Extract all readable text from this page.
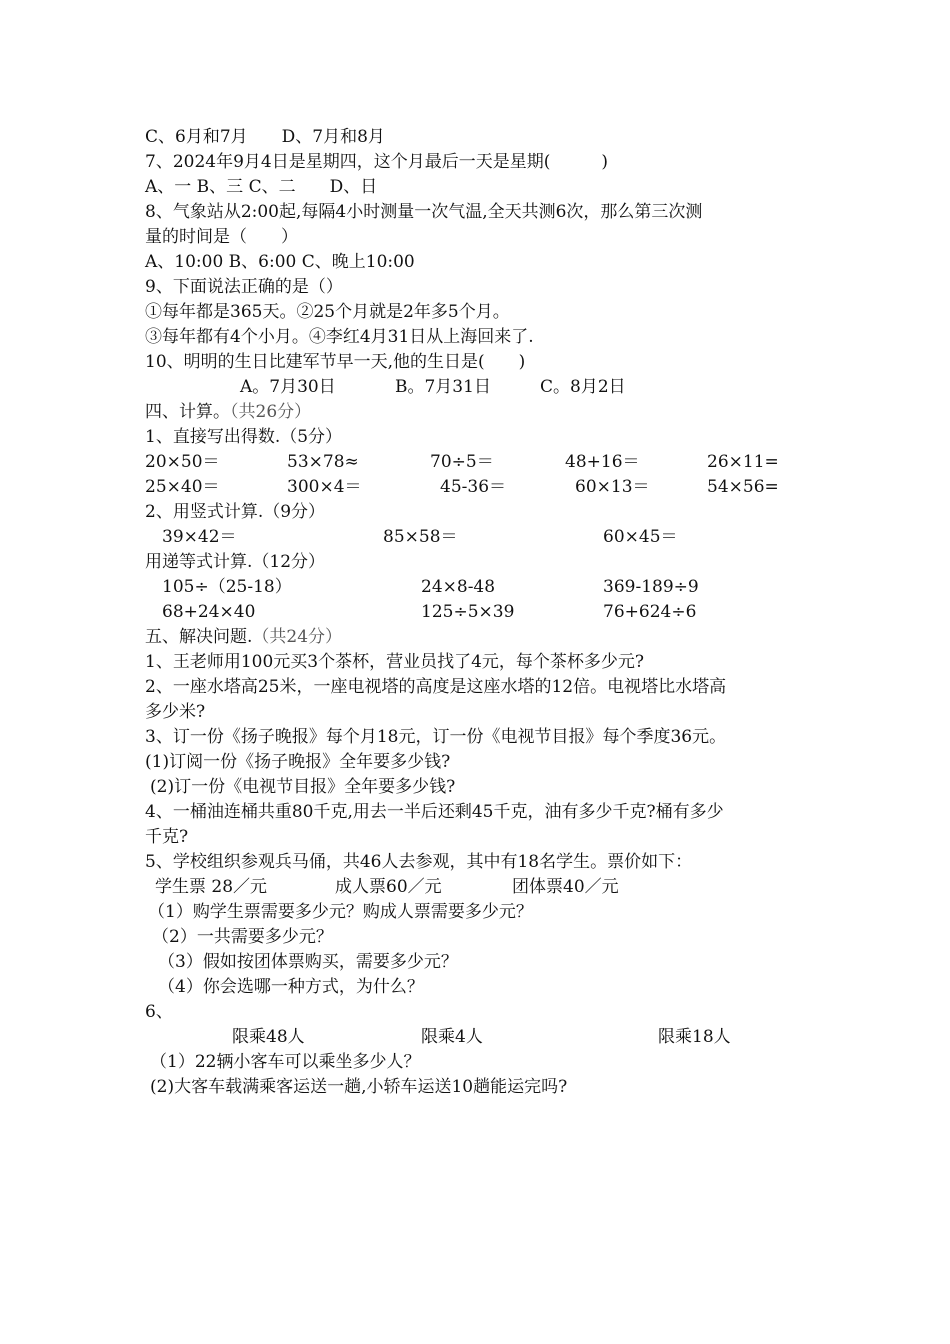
C、6月和7月　　D、7月和8月
7、2024年9月4日是星期四，这个月最后一天是星期(　　　)
A、一 B、三 C、二　　D、日
8、气象站从2:00起,每隔4小时测量一次气温,全天共测6次，那么第三次测
量的时间是（　　）
A、10:00 B、6:00 C、晚上10:00
9、下面说法正确的是（）
①每年都是365天。②25个月就是2年多5个月。
③每年都有4个小月。④李红4月31日从上海回来了.
10、明明的生日比建军节早一天,他的生日是(　　)
A。7月30日	B。7月31日	C。8月2日
四、计算。（共26分）
1、直接写出得数.（5分）
20×50＝	53×78≈	70÷5＝	48+16＝	26×11=
25×40＝	300×4＝	45-36＝	60×13＝	54×56=
2、用竖式计算.（9分）
39×42＝	85×58＝	60×45＝
用递等式计算.（12分）
105÷（25-18）	24×8-48	369-189÷9
68+24×40	125÷5×39	76+624÷6
五、解决问题.（共24分）
1、王老师用100元买3个茶杯，营业员找了4元，每个茶杯多少元?
2、一座水塔高25米，一座电视塔的高度是这座水塔的12倍。电视塔比水塔高
多少米?
3、订一份《扬子晚报》每个月18元，订一份《电视节目报》每个季度36元。
(1)订阅一份《扬子晚报》全年要多少钱?
(2)订一份《电视节目报》全年要多少钱?
4、一桶油连桶共重80千克,用去一半后还剩45千克，油有多少千克?桶有多少
千克?
5、学校组织参观兵马俑，共46人去参观，其中有18名学生。票价如下：
学生票 28／元	成人票60／元	团体票40／元
（1）购学生票需要多少元？购成人票需要多少元？
（2）一共需要多少元？
（3）假如按团体票购买，需要多少元？
（4）你会选哪一种方式，为什么？
6、
限乘48人	限乘4人	限乘18人
（1）22辆小客车可以乘坐多少人？
(2)大客车载满乘客运送一趟,小轿车运送10趟能运完吗?
